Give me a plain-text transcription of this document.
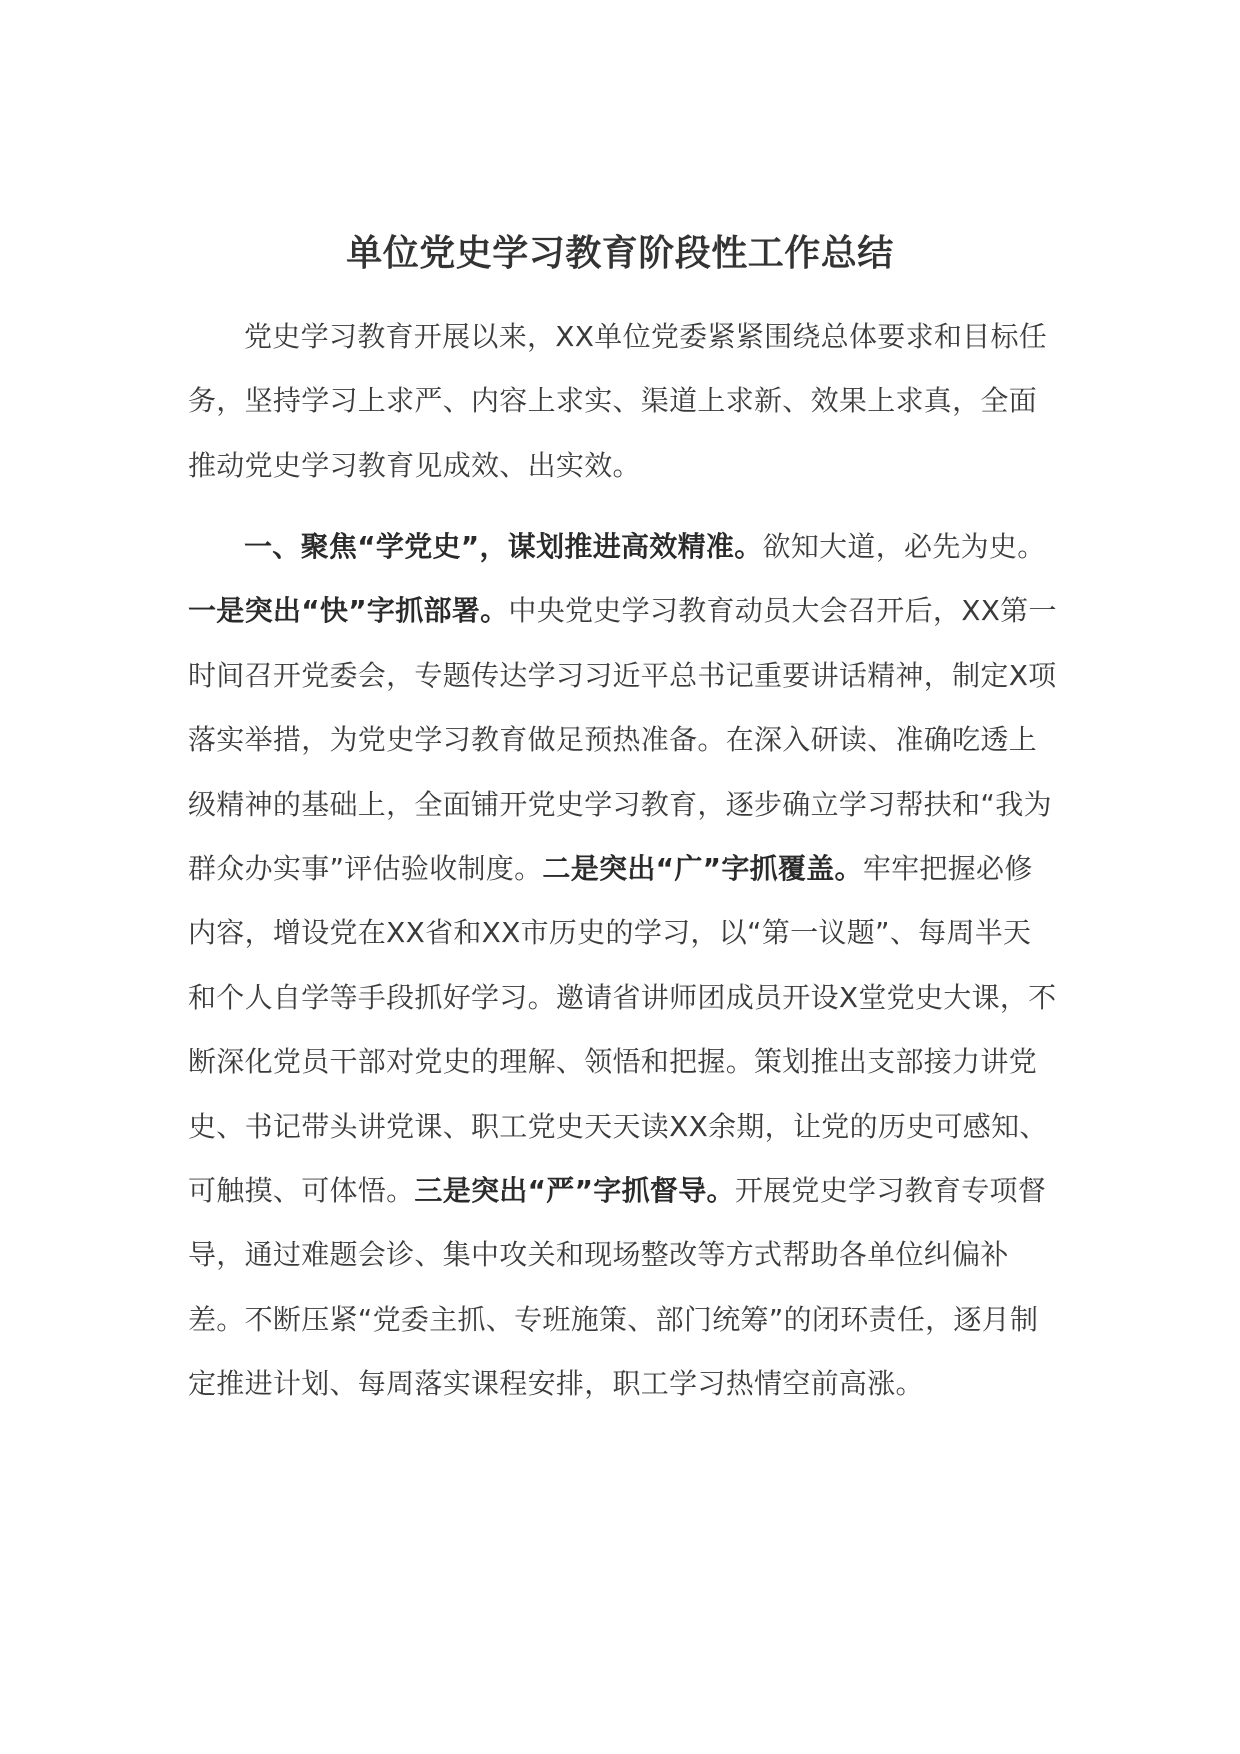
单位党史学习教育阶段性工作总结

党史学习教育开展以来，XX单位党委紧紧围绕总体要求和目标任务，坚持学习上求严、内容上求实、渠道上求新、效果上求真，全面推动党史学习教育见成效、出实效。

一、聚焦“学党史”，谋划推进高效精准。欲知大道，必先为史。一是突出“快”字抓部署。中央党史学习教育动员大会召开后，XX第一时间召开党委会，专题传达学习习近平总书记重要讲话精神，制定X项落实举措，为党史学习教育做足预热准备。在深入研读、准确吃透上级精神的基础上，全面铺开党史学习教育，逐步确立学习帮扶和“我为群众办实事”评估验收制度。二是突出“广”字抓覆盖。牢牢把握必修内容，增设党在XX省和XX市历史的学习，以“第一议题”、每周半天和个人自学等手段抓好学习。邀请省讲师团成员开设X堂党史大课，不断深化党员干部对党史的理解、领悟和把握。策划推出支部接力讲党史、书记带头讲党课、职工党史天天读XX余期，让党的历史可感知、可触摸、可体悟。三是突出“严”字抓督导。开展党史学习教育专项督导，通过难题会诊、集中攻关和现场整改等方式帮助各单位纠偏补差。不断压紧“党委主抓、专班施策、部门统筹”的闭环责任，逐月制定推进计划、每周落实课程安排，职工学习热情空前高涨。
